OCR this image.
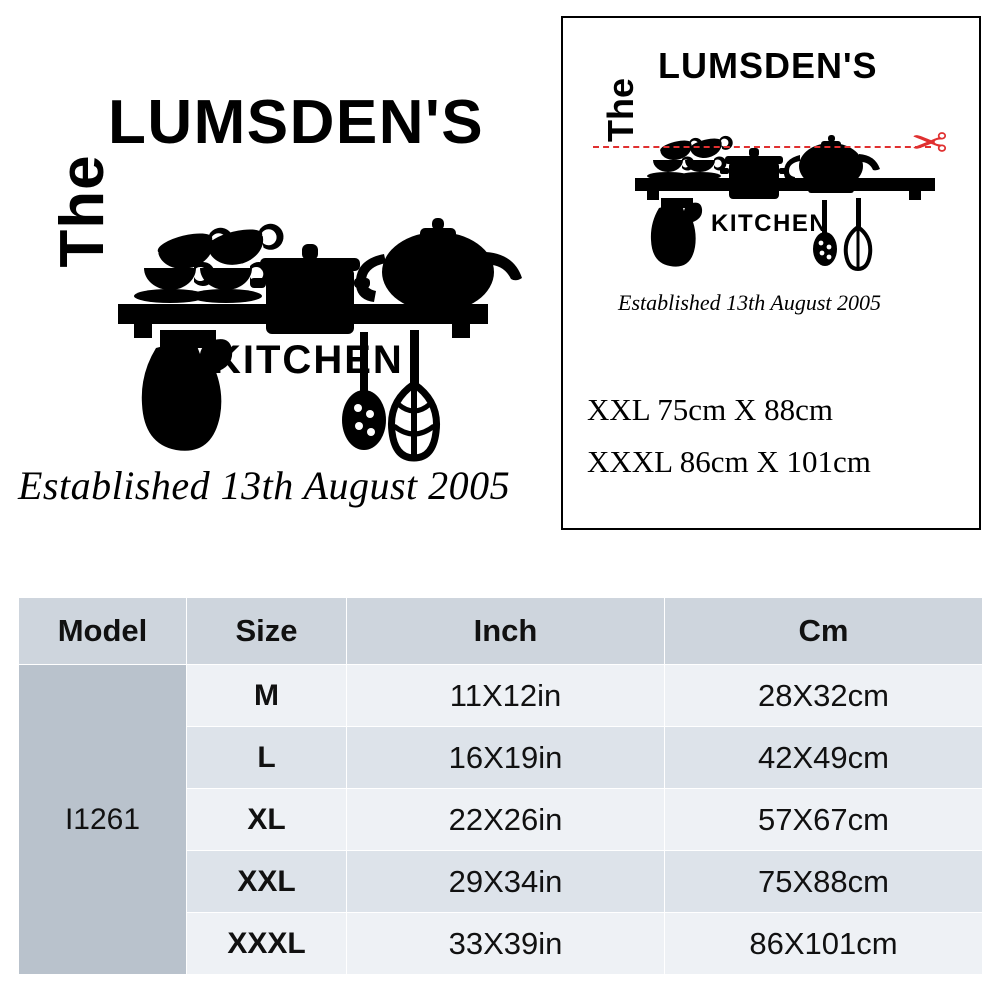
The
LUMSDEN'S
KITCHEN
Established 13th August 2005
The
LUMSDEN'S
✂
KITCHEN
Established 13th August 2005
XXL 75cm X 88cm
XXXL 86cm X 101cm
Model	Size	Inch	Cm
I1261	M	11X12in	28X32cm
	L	16X19in	42X49cm
	XL	22X26in	57X67cm
	XXL	29X34in	75X88cm
	XXXL	33X39in	86X101cm
